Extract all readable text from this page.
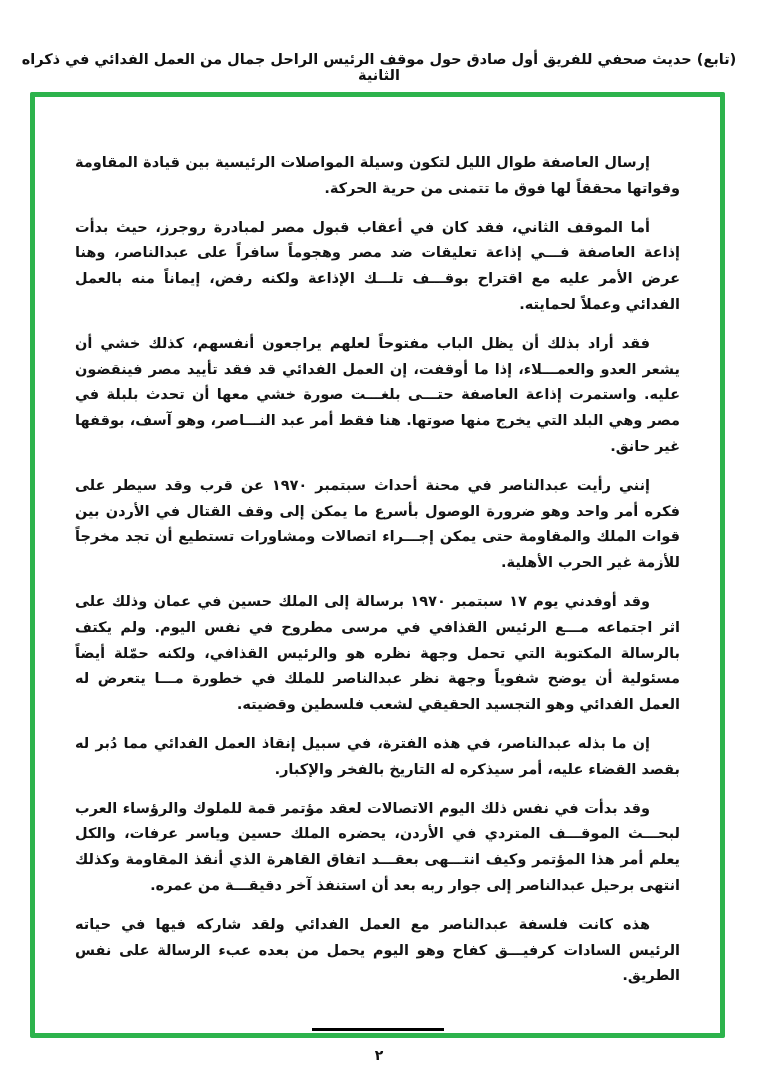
(تابع) حديث صحفي للفريق أول صادق حول موقف الرئيس الراحل جمال من العمل الفدائي في ذكراه الثانية

إرسال العاصفة طوال الليل لتكون وسيلة المواصلات الرئيسية بين قيادة المقاومة وقواتها محققاً لها فوق ما تتمنى من حرية الحركة.

أما الموقف الثاني، فقد كان في أعقاب قبول مصر لمبادرة روجرز، حيث بدأت إذاعة العاصفة فـــي إذاعة تعليقات ضد مصر وهجوماً سافراً على عبدالناصر، وهنا عرض الأمر عليه مع اقتراح بوقـــف تلـــك الإذاعة ولكنه رفض، إيماناً منه بالعمل الفدائي وعملاً لحمايته.

فقد أراد بذلك أن يظل الباب مفتوحاً لعلهم يراجعون أنفسهم، كذلك خشي أن يشعر العدو والعمـــلاء، إذا ما أوقفت، إن العمل الفدائي قد فقد تأييد مصر فينقضون عليه. واستمرت إذاعة العاصفة حتـــى بلغـــت صورة خشي معها أن تحدث بلبلة في مصر وهي البلد التي يخرج منها صوتها. هنا فقط أمر عبد النـــاصر، وهو آسف، بوقفها غير حانق.

إنني رأيت عبدالناصر في محنة أحداث سبتمبر ١٩٧٠ عن قرب وقد سيطر على فكره أمر واحد وهو ضرورة الوصول بأسرع ما يمكن إلى وقف القتال في الأردن بين قوات الملك والمقاومة حتى يمكن إجـــراء اتصالات ومشاورات تستطيع أن تجد مخرجاً للأزمة غير الحرب الأهلية.

وقد أوفدني يوم ١٧ سبتمبر ١٩٧٠ برسالة إلى الملك حسين في عمان وذلك على اثر اجتماعه مـــع الرئيس القذافي في مرسى مطروح في نفس اليوم. ولم يكتف بالرسالة المكتوبة التي تحمل وجهة نظره هو والرئيس القذافي، ولكنه حمّلة أيضاً مسئولية أن يوضح شفوياً وجهة نظر عبدالناصر للملك في خطورة مـــا يتعرض له العمل الفدائي وهو التجسيد الحقيقي لشعب فلسطين وقضيته.

إن ما بذله عبدالناصر، في هذه الفترة، في سبيل إنقاذ العمل الفدائي مما دُبر له بقصد القضاء عليه، أمر سيذكره له التاريخ بالفخر والإكبار.

وقد بدأت في نفس ذلك اليوم الاتصالات لعقد مؤتمر قمة للملوك والرؤساء العرب لبحـــث الموقـــف المتردي في الأردن، يحضره الملك حسين وياسر عرفات، والكل يعلم أمر هذا المؤتمر وكيف انتـــهى بعقـــد اتفاق القاهرة الذي أنقذ المقاومة وكذلك انتهى برحيل عبدالناصر إلى جوار ربه بعد أن استنفذ آخر دقيقـــة من عمره.

هذه كانت فلسفة عبدالناصر مع العمل الفدائي ولقد شاركه فيها في حياته الرئيس السادات كرفيـــق كفاح وهو اليوم يحمل من بعده عبء الرسالة على نفس الطريق.

٢
